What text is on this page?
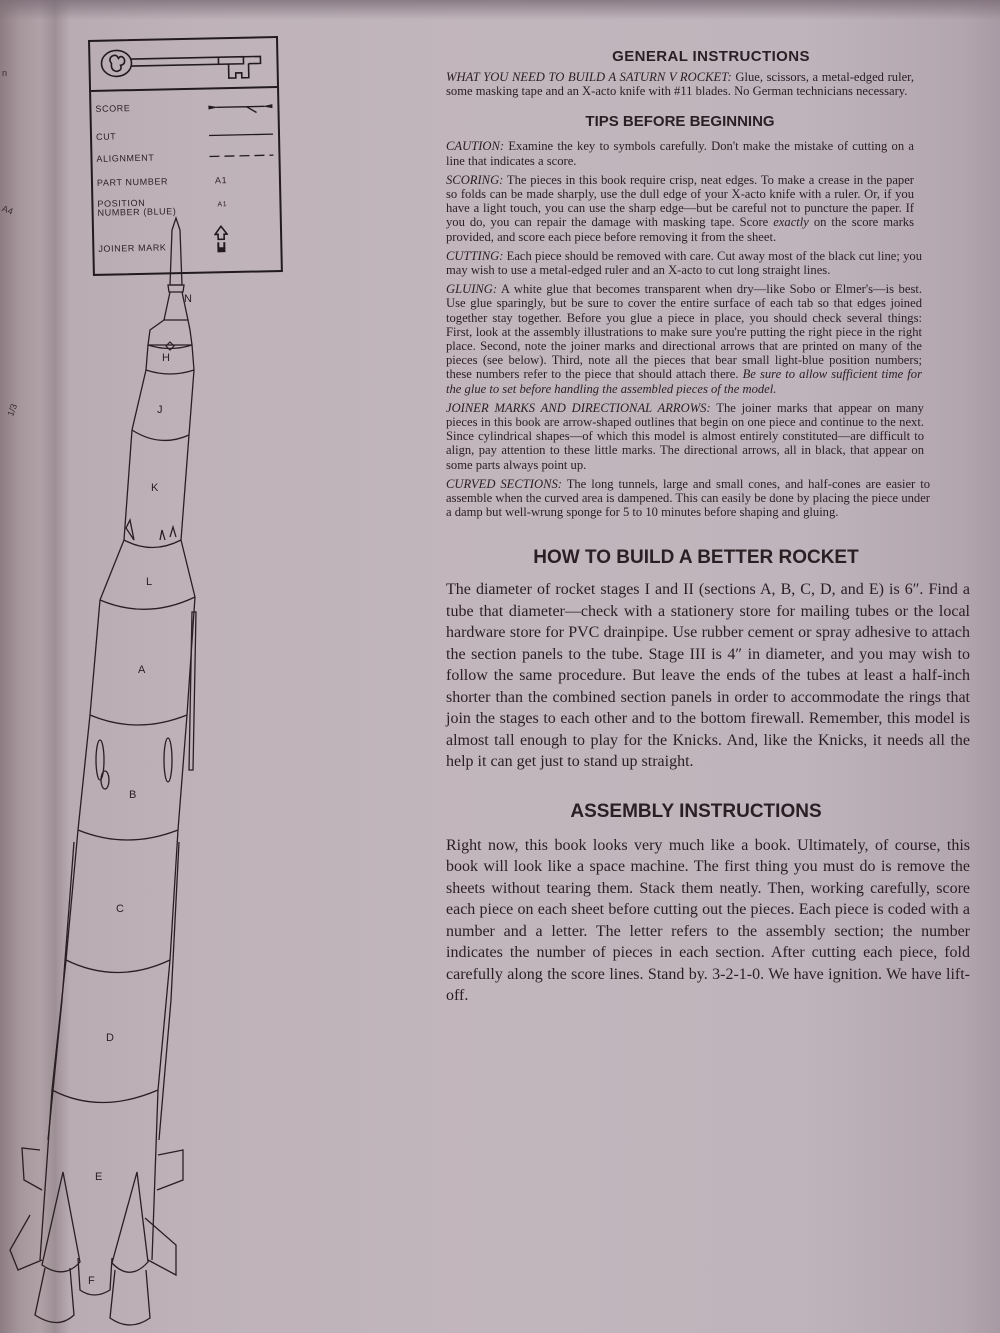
n
A4
1/3
N
H
J
K
L
A
B
C
D
E
F
SCORE
CUT
ALIGNMENT
PART NUMBER	A1
POSITION
NUMBER (BLUE)
A1
JOINER MARK
GENERAL INSTRUCTIONS

WHAT YOU NEED TO BUILD A SATURN V ROCKET: Glue, scissors, a metal-edged ruler, some masking tape and an X-acto knife with #11 blades. No German technicians necessary.

TIPS BEFORE BEGINNING

CAUTION: Examine the key to symbols carefully. Don't make the mistake of cutting on a line that indicates a score.

SCORING: The pieces in this book require crisp, neat edges. To make a crease in the paper so folds can be made sharply, use the dull edge of your X-acto knife with a ruler. Or, if you have a light touch, you can use the sharp edge—but be careful not to puncture the paper. If you do, you can repair the damage with masking tape. Score exactly on the score marks provided, and score each piece before removing it from the sheet.

CUTTING: Each piece should be removed with care. Cut away most of the black cut line; you may wish to use a metal-edged ruler and an X-acto to cut long straight lines.

GLUING: A white glue that becomes transparent when dry—like Sobo or Elmer's—is best. Use glue sparingly, but be sure to cover the entire surface of each tab so that edges joined together stay together. Before you glue a piece in place, you should check several things: First, look at the assembly illustrations to make sure you're putting the right piece in the right place. Second, note the joiner marks and directional arrows that are printed on many of the pieces (see below). Third, note all the pieces that bear small light-blue position numbers; these numbers refer to the piece that should attach there. Be sure to allow sufficient time for the glue to set before handling the assembled pieces of the model.

JOINER MARKS AND DIRECTIONAL ARROWS: The joiner marks that appear on many pieces in this book are arrow-shaped outlines that begin on one piece and continue to the next. Since cylindrical shapes—of which this model is almost entirely constituted—are difficult to align, pay attention to these little marks. The directional arrows, all in black, that appear on some parts always point up.

CURVED SECTIONS: The long tunnels, large and small cones, and half-cones are easier to assemble when the curved area is dampened. This can easily be done by placing the piece under a damp but well-wrung sponge for 5 to 10 minutes before shaping and gluing.

HOW TO BUILD A BETTER ROCKET

The diameter of rocket stages I and II (sections A, B, C, D, and E) is 6″. Find a tube that diameter—check with a stationery store for mailing tubes or the local hardware store for PVC drainpipe. Use rubber cement or spray adhesive to attach the section panels to the tube. Stage III is 4″ in diameter, and you may wish to follow the same procedure. But leave the ends of the tubes at least a half-inch shorter than the combined section panels in order to accommodate the rings that join the stages to each other and to the bottom firewall. Remember, this model is almost tall enough to play for the Knicks. And, like the Knicks, it needs all the help it can get just to stand up straight.

ASSEMBLY INSTRUCTIONS

Right now, this book looks very much like a book. Ultimately, of course, this book will look like a space machine. The first thing you must do is remove the sheets without tearing them. Stack them neatly. Then, working carefully, score each piece on each sheet before cutting out the pieces. Each piece is coded with a number and a letter. The letter refers to the assembly section; the number indicates the number of pieces in each section. After cutting each piece, fold carefully along the score lines. Stand by. 3-2-1-0. We have ignition. We have lift-off.
